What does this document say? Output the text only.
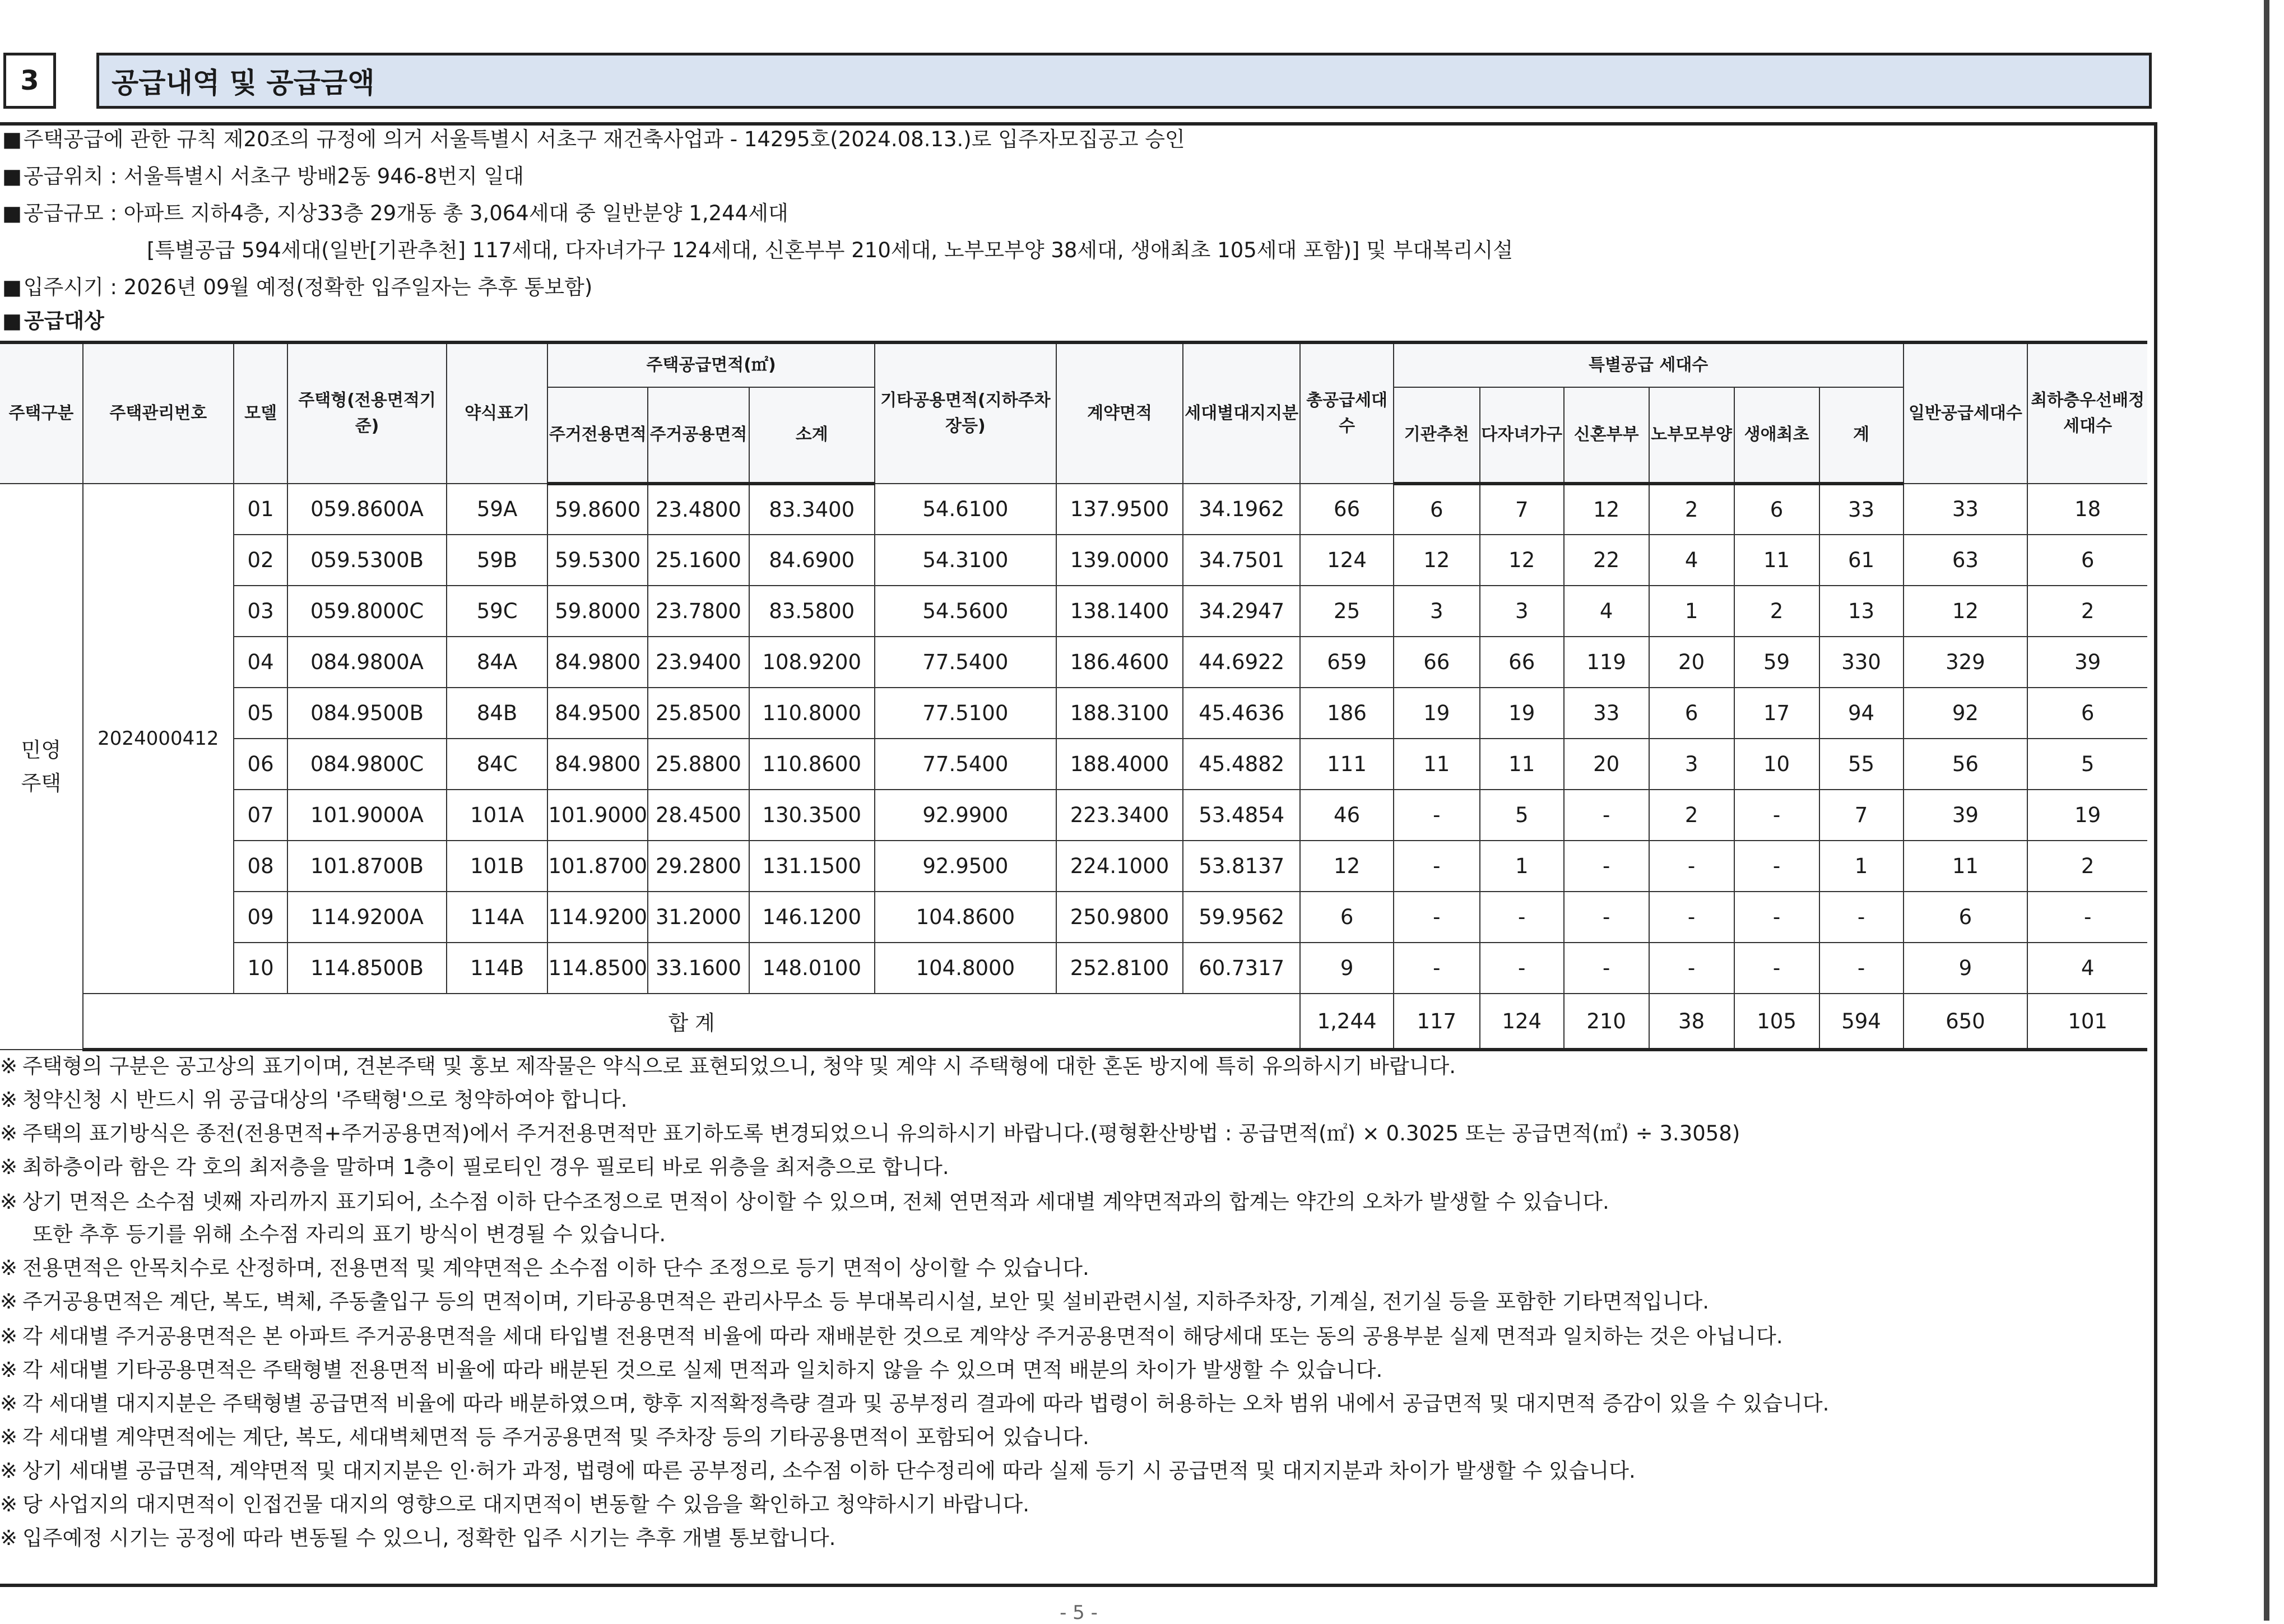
3	공급내역 및 공급금액
■ 주택공급에 관한 규칙 제20조의 규정에 의거 서울특별시 서초구 재건축사업과 - 14295호(2024.08.13.)로 입주자모집공고 승인
■ 공급위치 : 서울특별시 서초구 방배2동 946-8번지 일대
■ 공급규모 : 아파트 지하4층, 지상33층 29개동 총 3,064세대 중 일반분양 1,244세대
[특별공급 594세대(일반[기관추천] 117세대, 다자녀가구 124세대, 신혼부부 210세대, 노부모부양 38세대, 생애최초 105세대 포함)] 및 부대복리시설
■ 입주시기 : 2026년 09월 예정(정확한 입주일자는 추후 통보함)
■ 공급대상
주택구분	주택관리번호	모델	주택형(전용면적기준)	약식표기	주택공급면적(㎡)			기타공용면적(지하주차장등)	계약면적	세대별대지지분	총공급세대수	특별공급 세대수						일반공급세대수	최하층우선배정세대수
					주거전용면적	주거공용면적	소계					기관추천	다자녀가구	신혼부부	노부모부양	생애최초	계		
민영주택	2024000412	01	059.8600A	59A	59.8600	23.4800	83.3400	54.6100	137.9500	34.1962	66	6	7	12	2	6	33	33	18
		02	059.5300B	59B	59.5300	25.1600	84.6900	54.3100	139.0000	34.7501	124	12	12	22	4	11	61	63	6
		03	059.8000C	59C	59.8000	23.7800	83.5800	54.5600	138.1400	34.2947	25	3	3	4	1	2	13	12	2
		04	084.9800A	84A	84.9800	23.9400	108.9200	77.5400	186.4600	44.6922	659	66	66	119	20	59	330	329	39
		05	084.9500B	84B	84.9500	25.8500	110.8000	77.5100	188.3100	45.4636	186	19	19	33	6	17	94	92	6
		06	084.9800C	84C	84.9800	25.8800	110.8600	77.5400	188.4000	45.4882	111	11	11	20	3	10	55	56	5
		07	101.9000A	101A	101.9000	28.4500	130.3500	92.9900	223.3400	53.4854	46	-	5	-	2	-	7	39	19
		08	101.8700B	101B	101.8700	29.2800	131.1500	92.9500	224.1000	53.8137	12	-	1	-	-	-	1	11	2
		09	114.9200A	114A	114.9200	31.2000	146.1200	104.8600	250.9800	59.9562	6	-	-	-	-	-	-	6	-
		10	114.8500B	114B	114.8500	33.1600	148.0100	104.8000	252.8100	60.7317	9	-	-	-	-	-	-	9	4
	합 계										1,244	117	124	210	38	105	594	650	101
※ 주택형의 구분은 공고상의 표기이며, 견본주택 및 홍보 제작물은 약식으로 표현되었으니, 청약 및 계약 시 주택형에 대한 혼돈 방지에 특히 유의하시기 바랍니다.
※ 청약신청 시 반드시 위 공급대상의 '주택형'으로 청약하여야 합니다.
※ 주택의 표기방식은 종전(전용면적+주거공용면적)에서 주거전용면적만 표기하도록 변경되었으니 유의하시기 바랍니다.(평형환산방법 : 공급면적(㎡) × 0.3025 또는 공급면적(㎡) ÷ 3.3058)
※ 최하층이라 함은 각 호의 최저층을 말하며 1층이 필로티인 경우 필로티 바로 위층을 최저층으로 합니다.
※ 상기 면적은 소수점 넷째 자리까지 표기되어, 소수점 이하 단수조정으로 면적이 상이할 수 있으며, 전체 연면적과 세대별 계약면적과의 합계는 약간의 오차가 발생할 수 있습니다.
또한 추후 등기를 위해 소수점 자리의 표기 방식이 변경될 수 있습니다.
※ 전용면적은 안목치수로 산정하며, 전용면적 및 계약면적은 소수점 이하 단수 조정으로 등기 면적이 상이할 수 있습니다.
※ 주거공용면적은 계단, 복도, 벽체, 주동출입구 등의 면적이며, 기타공용면적은 관리사무소 등 부대복리시설, 보안 및 설비관련시설, 지하주차장, 기계실, 전기실 등을 포함한 기타면적입니다.
※ 각 세대별 주거공용면적은 본 아파트 주거공용면적을 세대 타입별 전용면적 비율에 따라 재배분한 것으로 계약상 주거공용면적이 해당세대 또는 동의 공용부분 실제 면적과 일치하는 것은 아닙니다.
※ 각 세대별 기타공용면적은 주택형별 전용면적 비율에 따라 배분된 것으로 실제 면적과 일치하지 않을 수 있으며 면적 배분의 차이가 발생할 수 있습니다.
※ 각 세대별 대지지분은 주택형별 공급면적 비율에 따라 배분하였으며, 향후 지적확정측량 결과 및 공부정리 결과에 따라 법령이 허용하는 오차 범위 내에서 공급면적 및 대지면적 증감이 있을 수 있습니다.
※ 각 세대별 계약면적에는 계단, 복도, 세대벽체면적 등 주거공용면적 및 주차장 등의 기타공용면적이 포함되어 있습니다.
※ 상기 세대별 공급면적, 계약면적 및 대지지분은 인·허가 과정, 법령에 따른 공부정리, 소수점 이하 단수정리에 따라 실제 등기 시 공급면적 및 대지지분과 차이가 발생할 수 있습니다.
※ 당 사업지의 대지면적이 인접건물 대지의 영향으로 대지면적이 변동할 수 있음을 확인하고 청약하시기 바랍니다.
※ 입주예정 시기는 공정에 따라 변동될 수 있으니, 정확한 입주 시기는 추후 개별 통보합니다.
- 5 -
